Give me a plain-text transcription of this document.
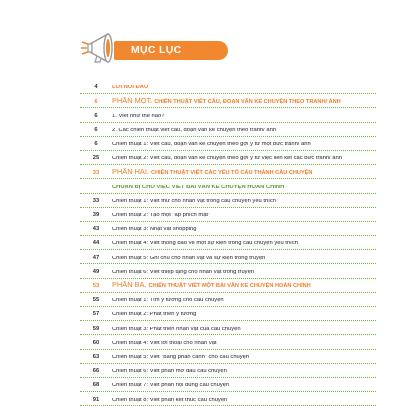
MỤC LỤC
4	LỜI NÓI ĐẦU
6	PHẦN MỘT. CHIẾN THUẬT VIẾT CÂU, ĐOẠN VĂN KỂ CHUYỆN THEO TRANH/ ẢNH
6	1. Viết như thế nào?
6	2. Các chiến thuật viết câu, đoạn văn kể chuyện theo tranh/ ảnh
6	Chiến thuật 1: Viết câu, đoạn văn kể chuyện theo gợi ý từ một bức tranh/ ảnh
25	Chiến thuật 2: Viết câu, đoạn văn kể chuyện theo gợi ý từ việc liên kết các bức tranh/ ảnh
33	PHẦN HAI. CHIẾN THUẬT VIẾT CÁC YẾU TỐ CẤU THÀNH CÂU CHUYỆN
CHUẨN BỊ CHO VIỆC VIẾT BÀI VĂN KỂ CHUYỆN HOÀN CHỈNH
33	Chiến thuật 1: Viết thư cho nhân vật trong câu chuyện yêu thích
39	Chiến thuật 2: Tạo một "áp phích mật"
43	Chiến thuật 3: Nhật vật shopping
44	Chiến thuật 4: Viết thông báo về một sự kiện trong câu chuyện yêu thích
47	Chiến thuật 5: Ghi chú cho nhân vật và sự kiện trong truyện
49	Chiến thuật 6: Viết thiệp tặng cho nhân vật trong truyện
53	PHẦN BA. CHIẾN THUẬT VIẾT MỘT BÀI VĂN KỂ CHUYỆN HOÀN CHỈNH
55	Chiến thuật 1: Tìm ý tưởng cho câu chuyện
57	Chiến thuật 2: Phát triển ý tưởng
59	Chiến thuật 3: Phát triển nhân vật của câu chuyện
60	Chiến thuật 4: Viết lời thoại cho nhân vật
63	Chiến thuật 5: Viết "bảng phân cảnh" cho câu chuyện
66	Chiến thuật 6: Viết phần mở đầu câu chuyện
68	Chiến thuật 7: Viết phần nội dung câu chuyện
91	Chiến thuật 8: Viết phần kết thúc câu chuyện
